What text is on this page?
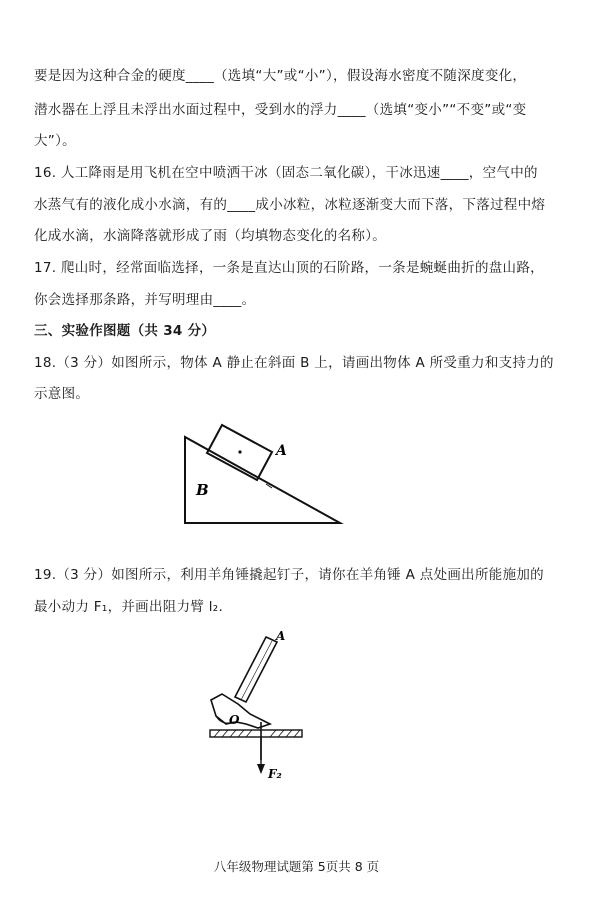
要是因为这种合金的硬度____（选填“大”或“小”），假设海水密度不随深度变化，
潜水器在上浮且未浮出水面过程中，受到水的浮力____（选填“变小”“不变”或“变
大”）。
16. 人工降雨是用飞机在空中喷洒干冰（固态二氧化碳），干冰迅速____，空气中的
水蒸气有的液化成小水滴，有的____成小冰粒，冰粒逐渐变大而下落，下落过程中熔
化成水滴，水滴降落就形成了雨（均填物态变化的名称）。
17. 爬山时，经常面临选择，一条是直达山顶的石阶路，一条是蜿蜒曲折的盘山路，
你会选择那条路，并写明理由____。
三、实验作图题（共 34 分）
18.（3 分）如图所示，物体 A 静止在斜面 B 上，请画出物体 A 所受重力和支持力的
示意图。
A
B
19.（3 分）如图所示，利用羊角锤撬起钉子，请你在羊角锤 A 点处画出所能施加的
最小动力 F₁，并画出阻力臂 l₂.
A
O
F₂
八年级物理试题第 5页共 8 页
